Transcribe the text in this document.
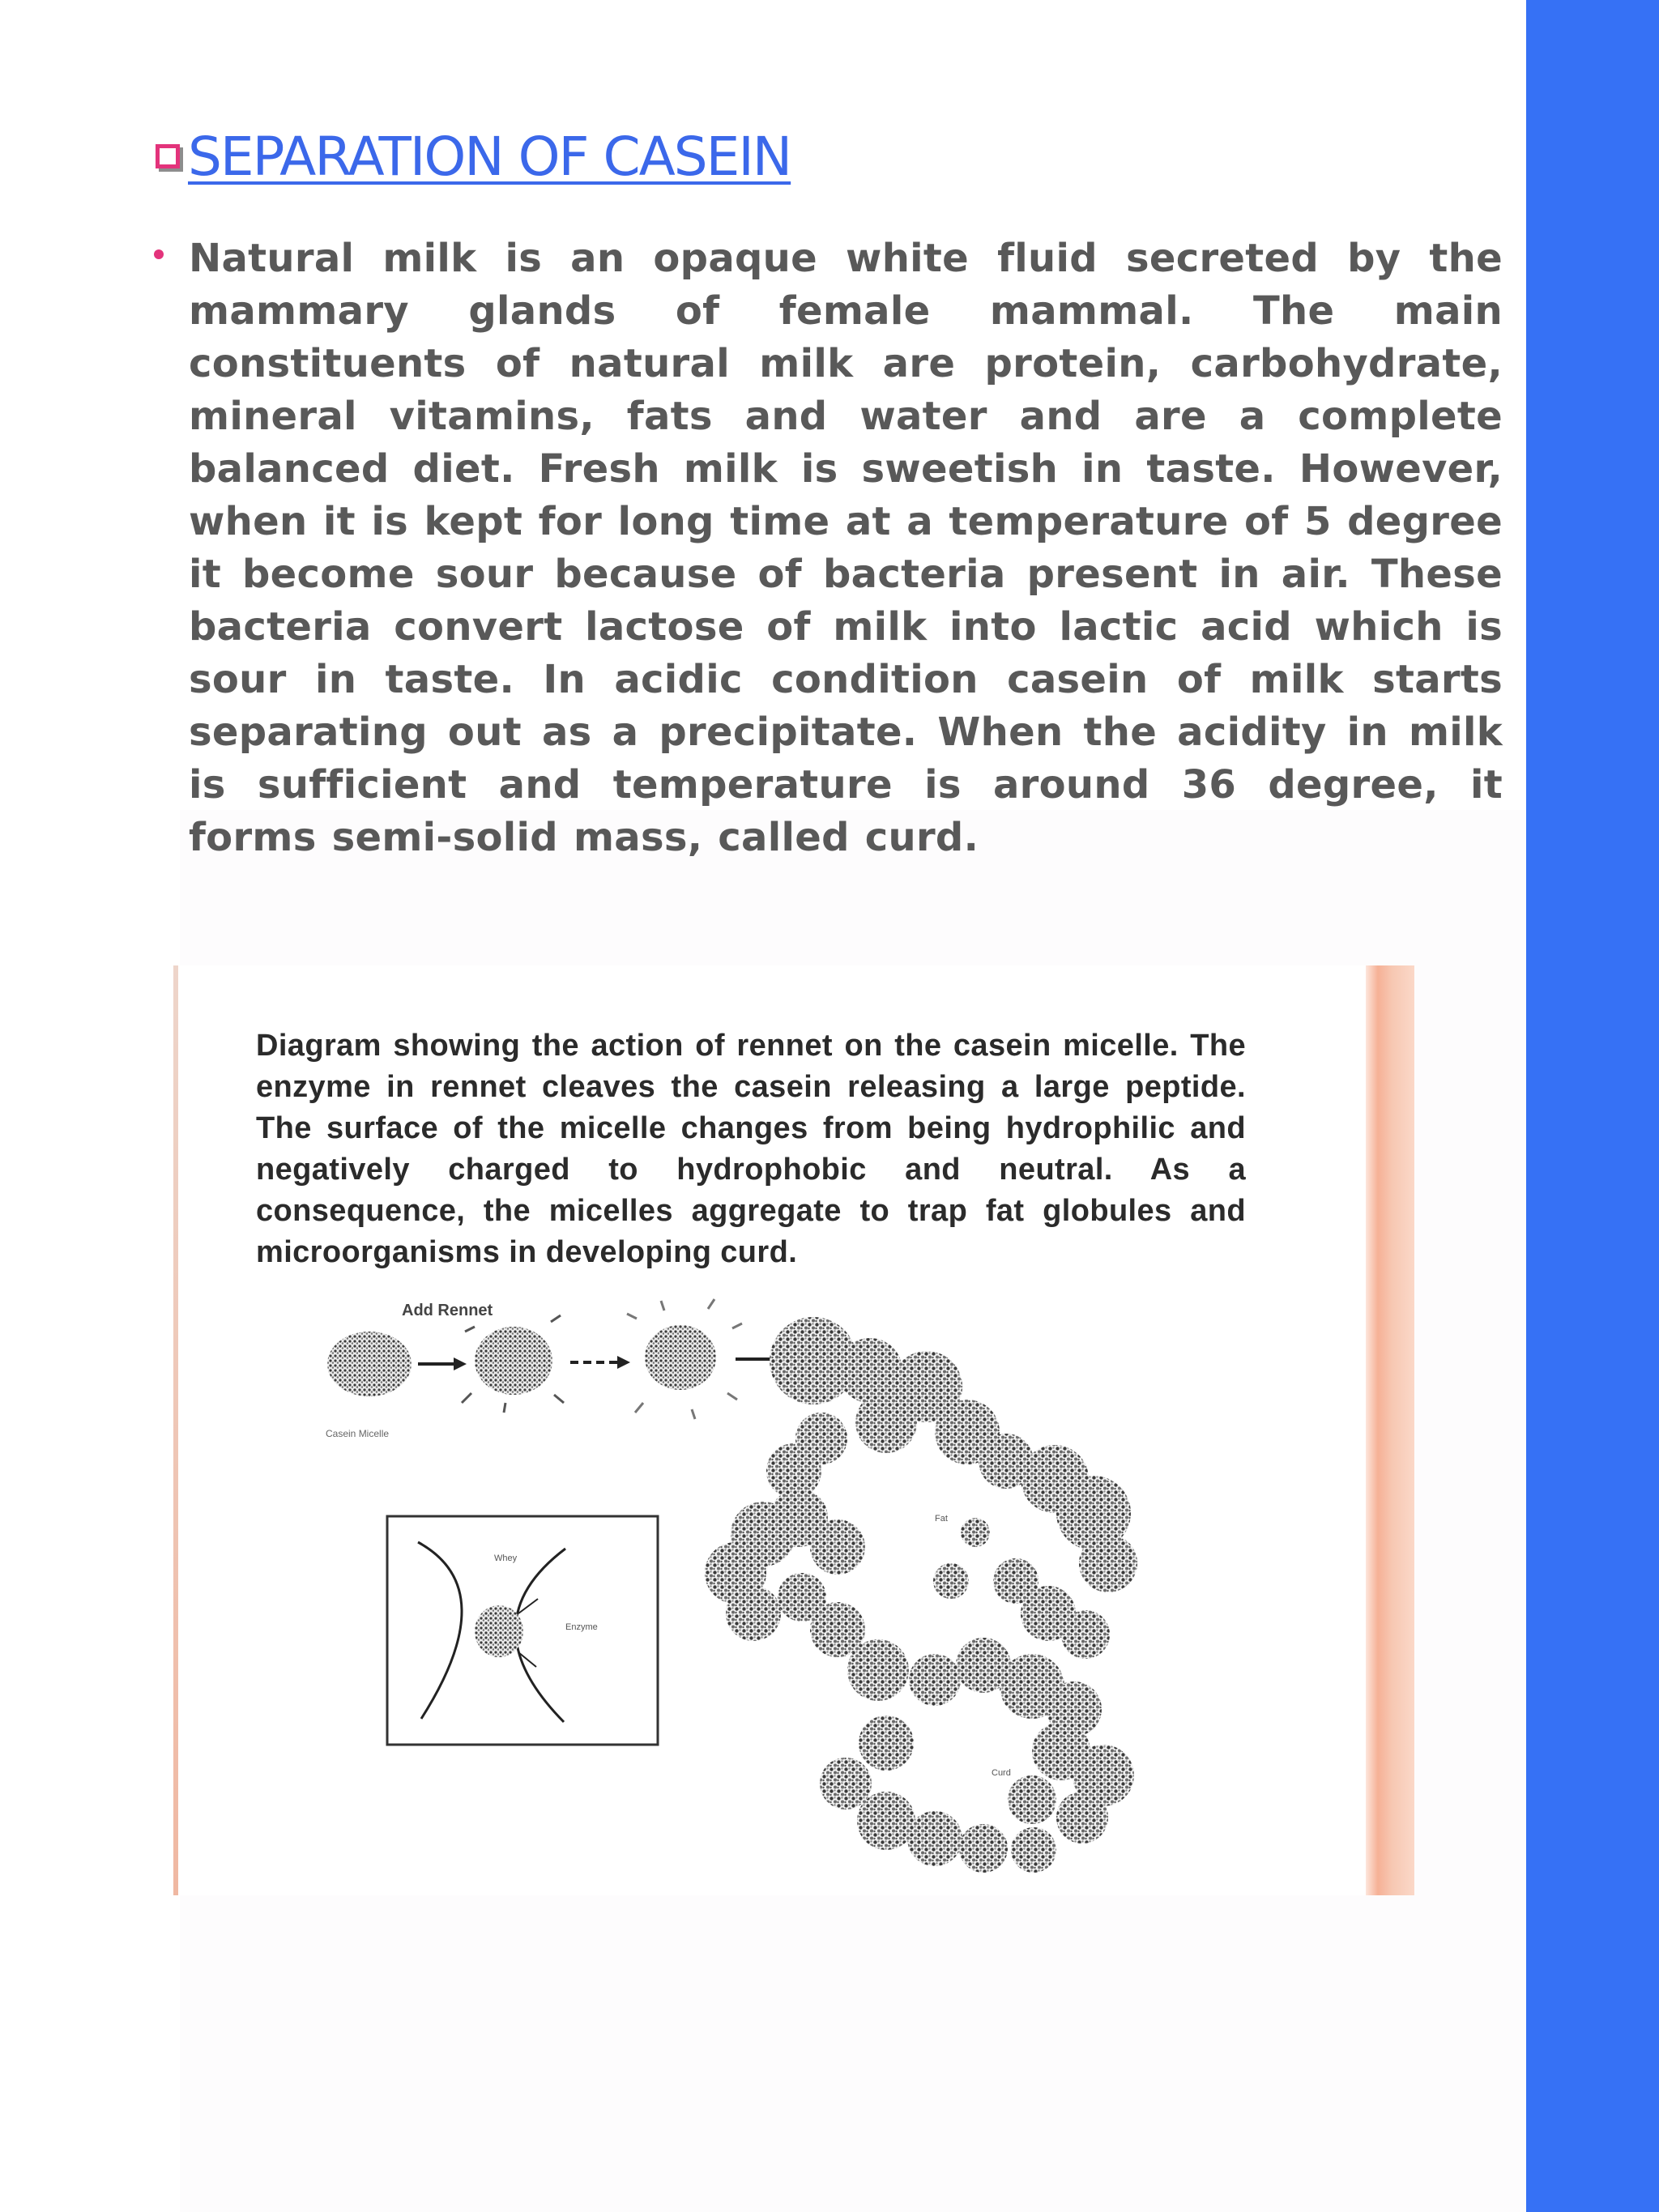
SEPARATION OF CASEIN

Natural milk is an opaque white fluid secreted by the mammary glands of female mammal. The main constituents of natural milk are protein, carbohydrate, mineral vitamins, fats and water and are a complete balanced diet. Fresh milk is sweetish in taste. However, when it is kept for long time at a temperature of 5 degree it become sour because of bacteria present in air. These bacteria convert lactose of milk into lactic acid which is sour in taste. In acidic condition casein of milk starts separating out as a precipitate. When the acidity in milk is sufficient and temperature is around 36 degree, it forms semi-solid mass, called curd.

Diagram showing the action of rennet on the casein micelle. The enzyme in rennet cleaves the casein releasing a large peptide. The surface of the micelle changes from being hydrophilic and negatively charged to hydrophobic and neutral. As a consequence, the micelles aggregate to trap fat globules and microorganisms in developing curd.

Add Rennet
Casein Micelle
Whey
Enzyme
Fat
Curd
